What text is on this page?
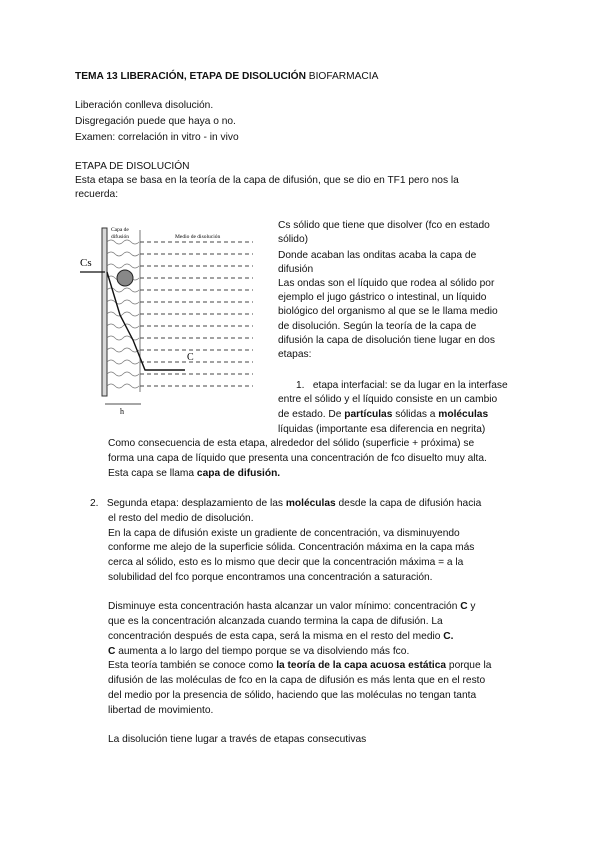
TEMA 13 LIBERACIÓN, ETAPA DE DISOLUCIÓN BIOFARMACIA
Liberación conlleva disolución.
Disgregación puede que haya o no.
Examen: correlación in vitro - in vivo
ETAPA DE DISOLUCIÓN
Esta etapa se basa en la teoría de la capa de difusión, que se dio en TF1 pero nos la
recuerda:
Cs
C
h
Capa de
difusión	Medio de disolución
Cs sólido que tiene que disolver (fco en estado
sólido)
Donde acaban las onditas acaba la capa de
difusión
Las ondas son el líquido que rodea al sólido por
ejemplo el jugo gástrico o intestinal, un líquido
biológico del organismo al que se le llama medio
de disolución. Según la teoría de la capa de
difusión la capa de disolución tiene lugar en dos
etapas:
1. etapa interfacial: se da lugar en la interfase
entre el sólido y el líquido consiste en un cambio
de estado. De partículas sólidas a moléculas
líquidas (importante esa diferencia en negrita)
Como consecuencia de esta etapa, alrededor del sólido (superficie + próxima) se
forma una capa de líquido que presenta una concentración de fco disuelto muy alta.
Esta capa se llama capa de difusión.
2. Segunda etapa: desplazamiento de las moléculas desde la capa de difusión hacia
el resto del medio de disolución.
En la capa de difusión existe un gradiente de concentración, va disminuyendo
conforme me alejo de la superficie sólida. Concentración máxima en la capa más
cerca al sólido, esto es lo mismo que decir que la concentración máxima = a la
solubilidad del fco porque encontramos una concentración a saturación.
Disminuye esta concentración hasta alcanzar un valor mínimo: concentración C y
que es la concentración alcanzada cuando termina la capa de difusión. La
concentración después de esta capa, será la misma en el resto del medio C.
C aumenta a lo largo del tiempo porque se va disolviendo más fco.
Esta teoría también se conoce como la teoría de la capa acuosa estática porque la
difusión de las moléculas de fco en la capa de difusión es más lenta que en el resto
del medio por la presencia de sólido, haciendo que las moléculas no tengan tanta
libertad de movimiento.
La disolución tiene lugar a través de etapas consecutivas
